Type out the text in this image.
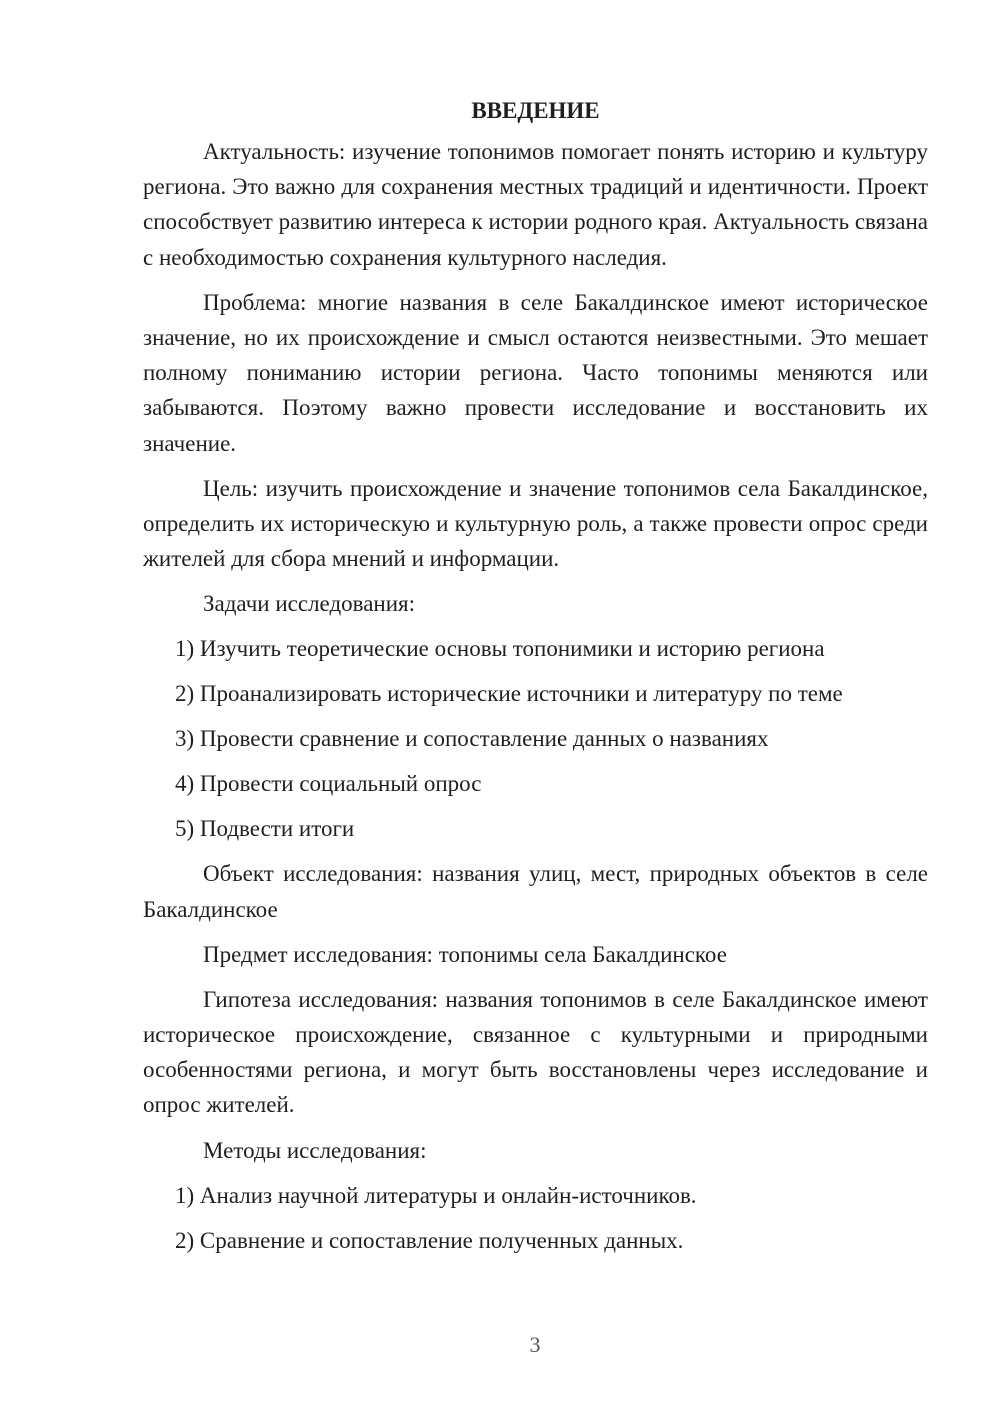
ВВЕДЕНИЕ
Актуальность: изучение топонимов помогает понять историю и культуру региона. Это важно для сохранения местных традиций и идентичности. Проект способствует развитию интереса к истории родного края. Актуальность связана с необходимостью сохранения культурного наследия.
Проблема: многие названия в селе Бакалдинское имеют историческое значение, но их происхождение и смысл остаются неизвестными. Это мешает полному пониманию истории региона. Часто топонимы меняются или забываются. Поэтому важно провести исследование и восстановить их значение.
Цель: изучить происхождение и значение топонимов села Бакалдинское, определить их историческую и культурную роль, а также провести опрос среди жителей для сбора мнений и информации.
Задачи исследования:
1) Изучить теоретические основы топонимики и историю региона
2) Проанализировать исторические источники и литературу по теме
3) Провести сравнение и сопоставление данных о названиях
4) Провести социальный опрос
5) Подвести итоги
Объект исследования: названия улиц, мест, природных объектов в селе Бакалдинское
Предмет исследования: топонимы села Бакалдинское
Гипотеза исследования: названия топонимов в селе Бакалдинское имеют историческое происхождение, связанное с культурными и природными особенностями региона, и могут быть восстановлены через исследование и опрос жителей.
Методы исследования:
1) Анализ научной литературы и онлайн-источников.
2) Сравнение и сопоставление полученных данных.
3
